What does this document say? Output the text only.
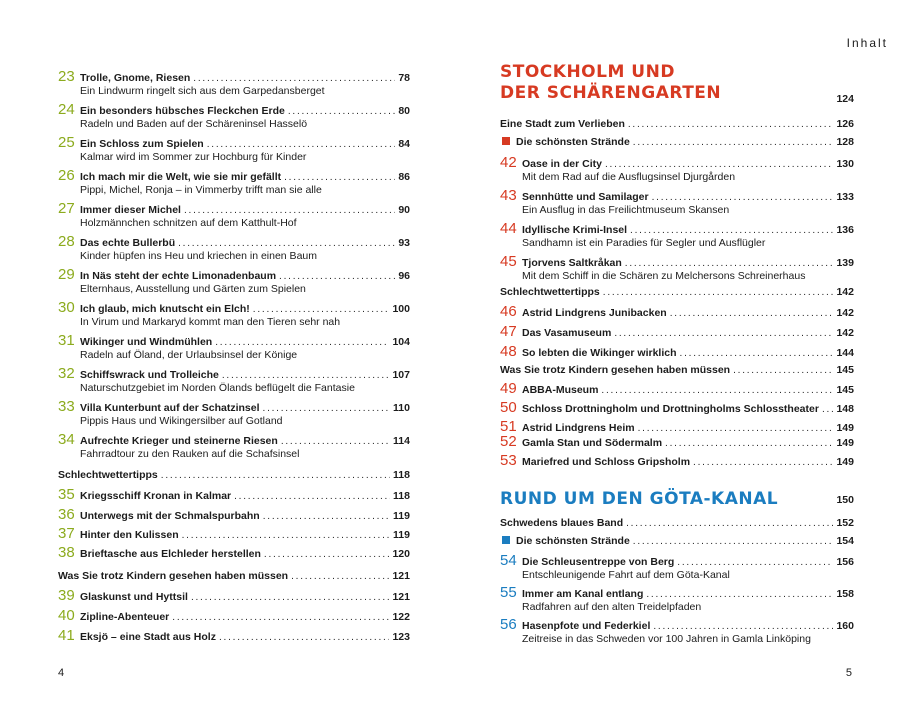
Inhalt
23 Trolle, Gnome, Riesen . . .	78
Ein Lindwurm ringelt sich aus dem Garpedansberget
24 Ein besonders hübsches Fleckchen Erde . . .	80
Radeln und Baden auf der Schäreninsel Hasselö
25 Ein Schloss zum Spielen . . .	84
Kalmar wird im Sommer zur Hochburg für Kinder
26 Ich mach mir die Welt, wie sie mir gefällt . . .	86
Pippi, Michel, Ronja – in Vimmerby trifft man sie alle
27 Immer dieser Michel . . .	90
Holzmännchen schnitzen auf dem Katthult-Hof
28 Das echte Bullerbü . . .	93
Kinder hüpfen ins Heu und kriechen in einen Baum
29 In Näs steht der echte Limonadenbaum . . .	96
Elternhaus, Ausstellung und Gärten zum Spielen
30 Ich glaub, mich knutscht ein Elch! . . .	100
In Virum und Markaryd kommt man den Tieren sehr nah
31 Wikinger und Windmühlen . . .	104
Radeln auf Öland, der Urlaubsinsel der Könige
32 Schiffswrack und Trolleiche . . .	107
Naturschutzgebiet im Norden Ölands beflügelt die Fantasie
33 Villa Kunterbunt auf der Schatzinsel . . .	110
Pippis Haus und Wikingersilber auf Gotland
34 Aufrechte Krieger und steinerne Riesen . . .	114
Fahrradtour zu den Rauken auf die Schafsinsel
Schlechtwettertipps . . .	118
35 Kriegsschiff Kronan in Kalmar . . .	118
36 Unterwegs mit der Schmalspurbahn . . .	119
37 Hinter den Kulissen . . .	119
38 Brieftasche aus Elchleder herstellen . . .	120
Was Sie trotz Kindern gesehen haben müssen . . .	121
39 Glaskunst und Hyttsil . . .	121
40 Zipline-Abenteuer . . .	122
41 Eksjö – eine Stadt aus Holz . . .	123
STOCKHOLM UND
DER SCHÄRENGARTEN	124
RUND UM DEN GÖTA-KANAL	150
Eine Stadt zum Verlieben . . .	126
Die schönsten Strände . . .	128
42 Oase in der City . . .	130
Mit dem Rad auf die Ausflugsinsel Djurgården
43 Sennhütte und Samilager . . .	133
Ein Ausflug in das Freilichtmuseum Skansen
44 Idyllische Krimi-Insel . . .	136
Sandhamn ist ein Paradies für Segler und Ausflügler
45 Tjorvens Saltkråkan . . .	139
Mit dem Schiff in die Schären zu Melchersons Schreinerhaus
Schlechtwettertipps . . .	142
46 Astrid Lindgrens Junibacken . . .	142
47 Das Vasamuseum . . .	142
48 So lebten die Wikinger wirklich . . .	144
Was Sie trotz Kindern gesehen haben müssen . . .	145
49 ABBA-Museum . . .	145
50 Schloss Drottningholm und Drottningholms Schlosstheater . . . 148
51 Astrid Lindgrens Heim . . .	149
52 Gamla Stan und Södermalm . . .	149
53 Mariefred und Schloss Gripsholm . . .	149
Schwedens blaues Band . . .	152
Die schönsten Strände . . .	154
54 Die Schleusentreppe von Berg . . .	156
Entschleunigende Fahrt auf dem Göta-Kanal
55 Immer am Kanal entlang . . .	158
Radfahren auf den alten Treidelpfaden
56 Hasenpfote und Federkiel . . .	160
Zeitreise in das Schweden vor 100 Jahren in Gamla Linköping
4	5
